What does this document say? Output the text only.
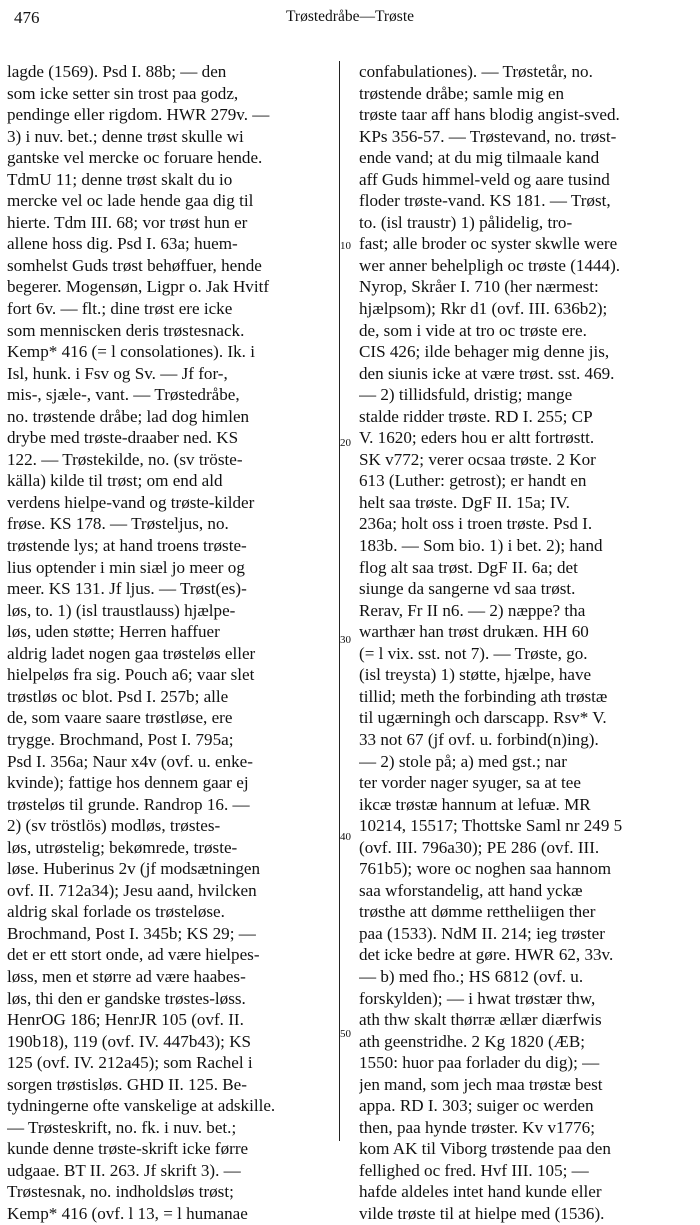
476	Trøstedråbe—Trøste
lagde (1569). Psd I. 88b; — den
som icke setter sin trost paa godz,
pendinge eller rigdom. HWR 279v. —
3) i nuv. bet.; denne trøst skulle wi
gantske vel mercke oc foruare hende.
TdmU 11; denne trøst skalt du io
mercke vel oc lade hende gaa dig til
hierte. Tdm III. 68; vor trøst hun er
allene hoss dig. Psd I. 63a; huem-
somhelst Guds trøst behøffuer, hende
begerer. Mogensøn, Ligpr o. Jak Hvitf
fort 6v. — flt.; dine trøst ere icke
som menniscken deris trøstesnack.
Kemp* 416 (= l consolationes). Ik. i
Isl, hunk. i Fsv og Sv. — Jf for-,
mis-, sjæle-, vant. — Trøstedråbe,
no. trøstende dråbe; lad dog himlen
drybe med trøste-draaber ned. KS
122. — Trøstekilde, no. (sv tröste-
källa) kilde til trøst; om end ald
verdens hielpe-vand og trøste-kilder
frøse. KS 178. — Trøsteljus, no.
trøstende lys; at hand troens trøste-
lius optender i min siæl jo meer og
meer. KS 131. Jf ljus. — Trøst(es)-
løs, to. 1) (isl traustlauss) hjælpe-
løs, uden støtte; Herren haffuer
aldrig ladet nogen gaa trøsteløs eller
hielpeløs fra sig. Pouch a6; vaar slet
trøstløs oc blot. Psd I. 257b; alle
de, som vaare saare trøstløse, ere
trygge. Brochmand, Post I. 795a;
Psd I. 356a; Naur x4v (ovf. u. enke-
kvinde); fattige hos dennem gaar ej
trøsteløs til grunde. Randrop 16. —
2) (sv tröstlös) modløs, trøstes-
løs, utrøstelig; bekømrede, trøste-
løse. Huberinus 2v (jf modsætningen
ovf. II. 712a34); Jesu aand, hvilcken
aldrig skal forlade os trøsteløse.
Brochmand, Post I. 345b; KS 29; —
det er ett stort onde, ad være hielpes-
løss, men et større ad være haabes-
løs, thi den er gandske trøstes-løss.
HenrOG 186; HenrJR 105 (ovf. II.
190b18), 119 (ovf. IV. 447b43); KS
125 (ovf. IV. 212a45); som Rachel i
sorgen trøstisløs. GHD II. 125. Be-
tydningerne ofte vanskelige at adskille.
— Trøsteskrift, no. fk. i nuv. bet.;
kunde denne trøste-skrift icke førre
udgaae. BT II. 263. Jf skrift 3). —
Trøstesnak, no. indholdsløs trøst;
Kemp* 416 (ovf. l 13, = l humanae
10
20
30
40
50
confabulationes). — Trøstetår, no.
trøstende dråbe; samle mig en
trøste taar aff hans blodig angist-sved.
KPs 356-57. — Trøstevand, no. trøst-
ende vand; at du mig tilmaale kand
aff Guds himmel-veld og aare tusind
floder trøste-vand. KS 181. — Trøst,
to. (isl traustr) 1) pålidelig, tro-
fast; alle broder oc syster skwlle were
wer anner behelpligh oc trøste (1444).
Nyrop, Skråer I. 710 (her nærmest:
hjælpsom); Rkr d1 (ovf. III. 636b2);
de, som i vide at tro oc trøste ere.
CIS 426; ilde behager mig denne jis,
den siunis icke at være trøst. sst. 469.
— 2) tillidsfuld, dristig; mange
stalde ridder trøste. RD I. 255; CP
V. 1620; eders hou er altt fortrøstt.
SK v772; verer ocsaa trøste. 2 Kor
613 (Luther: getrost); er handt en
helt saa trøste. DgF II. 15a; IV.
236a; holt oss i troen trøste. Psd I.
183b. — Som bio. 1) i bet. 2); hand
flog alt saa trøst. DgF II. 6a; det
siunge da sangerne vd saa trøst.
Rerav, Fr II n6. — 2) næppe? tha
warthær han trøst drukæn. HH 60
(= l vix. sst. not 7). — Trøste, go.
(isl treysta) 1) støtte, hjælpe, have
tillid; meth the forbinding ath trøstæ
til ugærningh och darscapp. Rsv* V.
33 not 67 (jf ovf. u. forbind(n)ing).
— 2) stole på; a) med gst.; nar
ter vorder nager syuger, sa at tee
ikcæ trøstæ hannum at lefuæ. MR
10214, 15517; Thottske Saml nr 249 5
(ovf. III. 796a30); PE 286 (ovf. III.
761b5); wore oc noghen saa hannom
saa wforstandelig, att hand yckæ
trøsthe att dømme rettheliigen ther
paa (1533). NdM II. 214; ieg trøster
det icke bedre at gøre. HWR 62, 33v.
— b) med fho.; HS 6812 (ovf. u.
forskylden); — i hwat trøstær thw,
ath thw skalt thørræ ællær diærfwis
ath geenstridhe. 2 Kg 1820 (ÆB;
1550: huor paa forlader du dig); —
jen mand, som jech maa trøstæ best
appa. RD I. 303; suiger oc werden
then, paa hynde trøster. Kv v1776;
kom AK til Viborg trøstende paa den
fellighed oc fred. Hvf III. 105; —
hafde aldeles intet hand kunde eller
vilde trøste til at hielpe med (1536).
